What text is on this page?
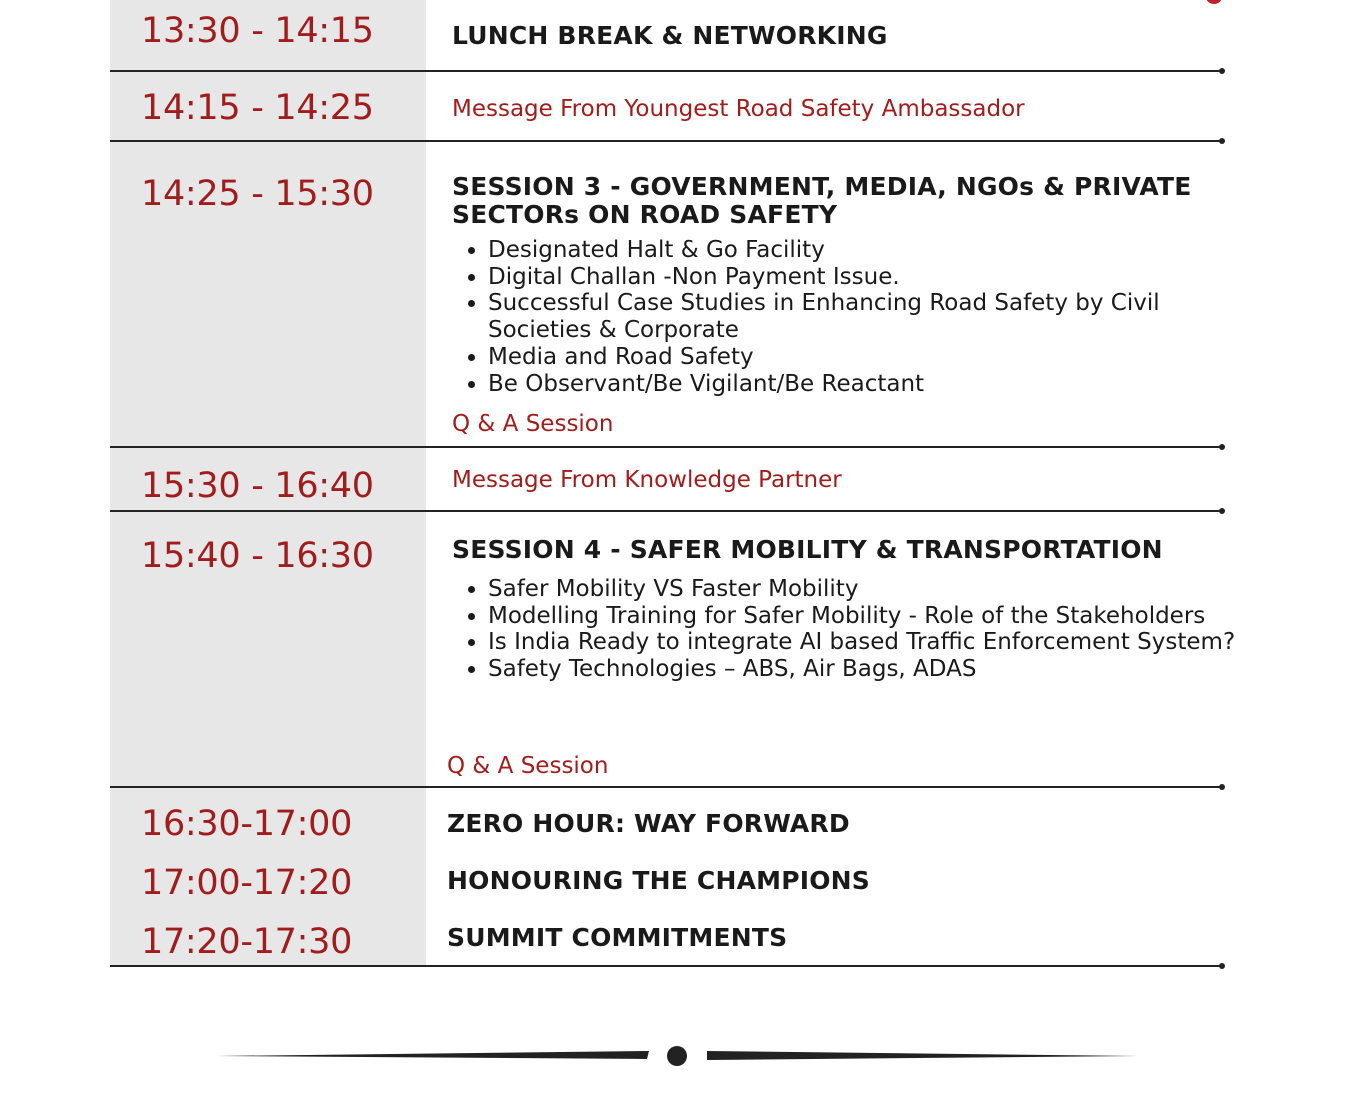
13:30 - 14:15	LUNCH BREAK & NETWORKING
14:15 - 14:25	Message From Youngest Road Safety Ambassador
14:25 - 15:30	SESSION 3 - GOVERNMENT, MEDIA, NGOs & PRIVATE
SECTORs ON ROAD SAFETY
• Designated Halt & Go Facility
• Digital Challan -Non Payment Issue.
• Successful Case Studies in Enhancing Road Safety by Civil Societies & Corporate
• Media and Road Safety
• Be Observant/Be Vigilant/Be Reactant
Q & A Session
15:30 - 16:40	Message From Knowledge Partner
15:40 - 16:30	SESSION 4 - SAFER MOBILITY & TRANSPORTATION
• Safer Mobility VS Faster Mobility
• Modelling Training for Safer Mobility - Role of the Stakeholders
• Is India Ready to integrate AI based Traffic Enforcement System?
• Safety Technologies – ABS, Air Bags, ADAS
Q & A Session
16:30-17:00	ZERO HOUR: WAY FORWARD
17:00-17:20	HONOURING THE CHAMPIONS
17:20-17:30	SUMMIT COMMITMENTS
